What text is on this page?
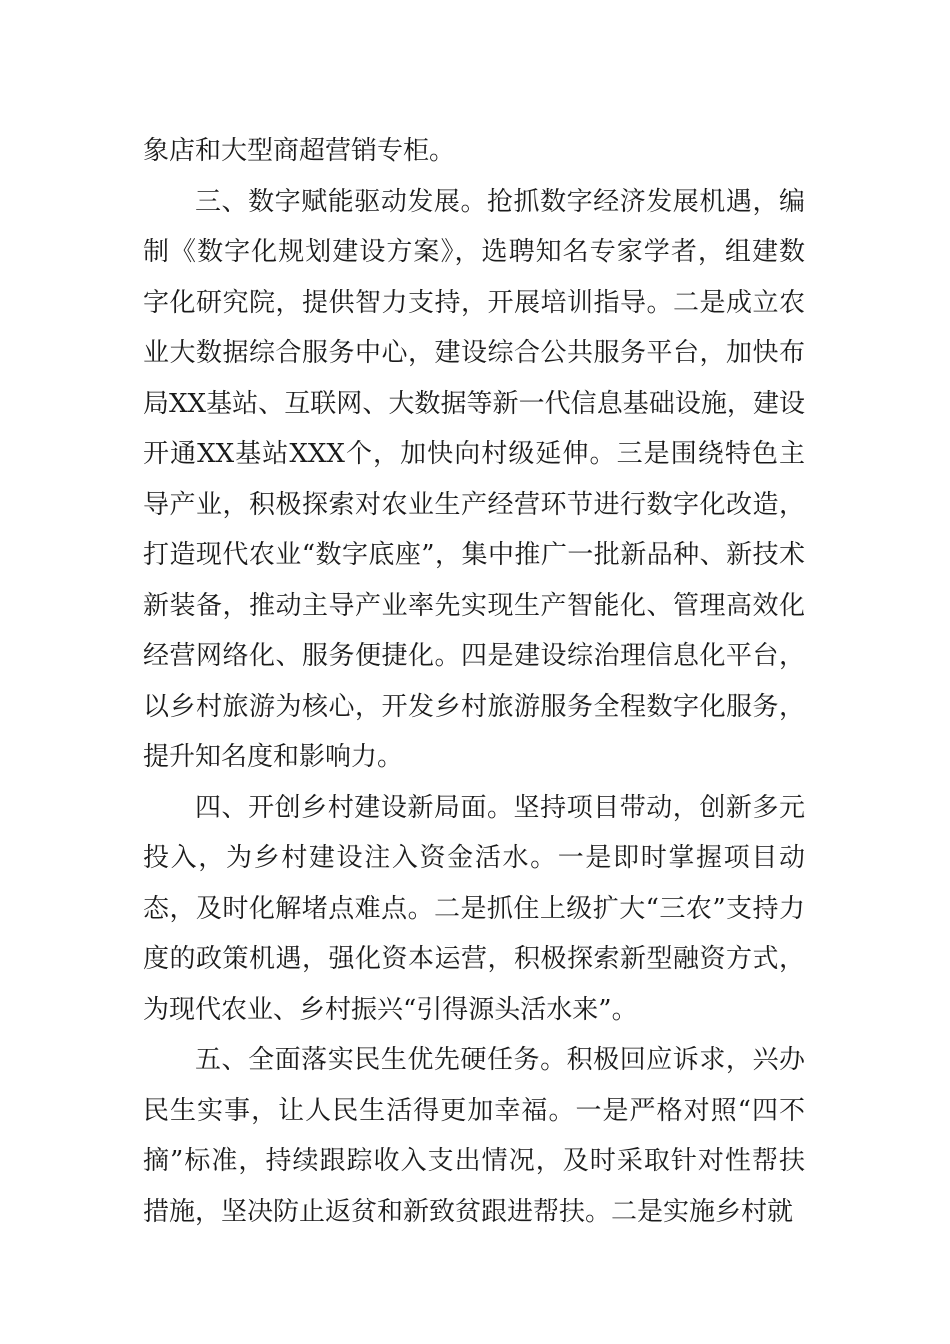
象店和大型商超营销专柜。

三、数字赋能驱动发展。抢抓数字经济发展机遇，编制《数字化规划建设方案》，选聘知名专家学者，组建数字化研究院，提供智力支持，开展培训指导。二是成立农业大数据综合服务中心，建设综合公共服务平台，加快布局XX基站、互联网、大数据等新一代信息基础设施，建设开通XX基站XXX个，加快向村级延伸。三是围绕特色主导产业，积极探索对农业生产经营环节进行数字化改造，打造现代农业“数字底座”，集中推广一批新品种、新技术新装备，推动主导产业率先实现生产智能化、管理高效化经营网络化、服务便捷化。四是建设综治理信息化平台，以乡村旅游为核心，开发乡村旅游服务全程数字化服务，提升知名度和影响力。

四、开创乡村建设新局面。坚持项目带动，创新多元投入，为乡村建设注入资金活水。一是即时掌握项目动态，及时化解堵点难点。二是抓住上级扩大“三农”支持力度的政策机遇，强化资本运营，积极探索新型融资方式，为现代农业、乡村振兴“引得源头活水来”。

五、全面落实民生优先硬任务。积极回应诉求，兴办民生实事，让人民生活得更加幸福。一是严格对照“四不摘”标准，持续跟踪收入支出情况，及时采取针对性帮扶措施，坚决防止返贫和新致贫跟进帮扶。二是实施乡村就
